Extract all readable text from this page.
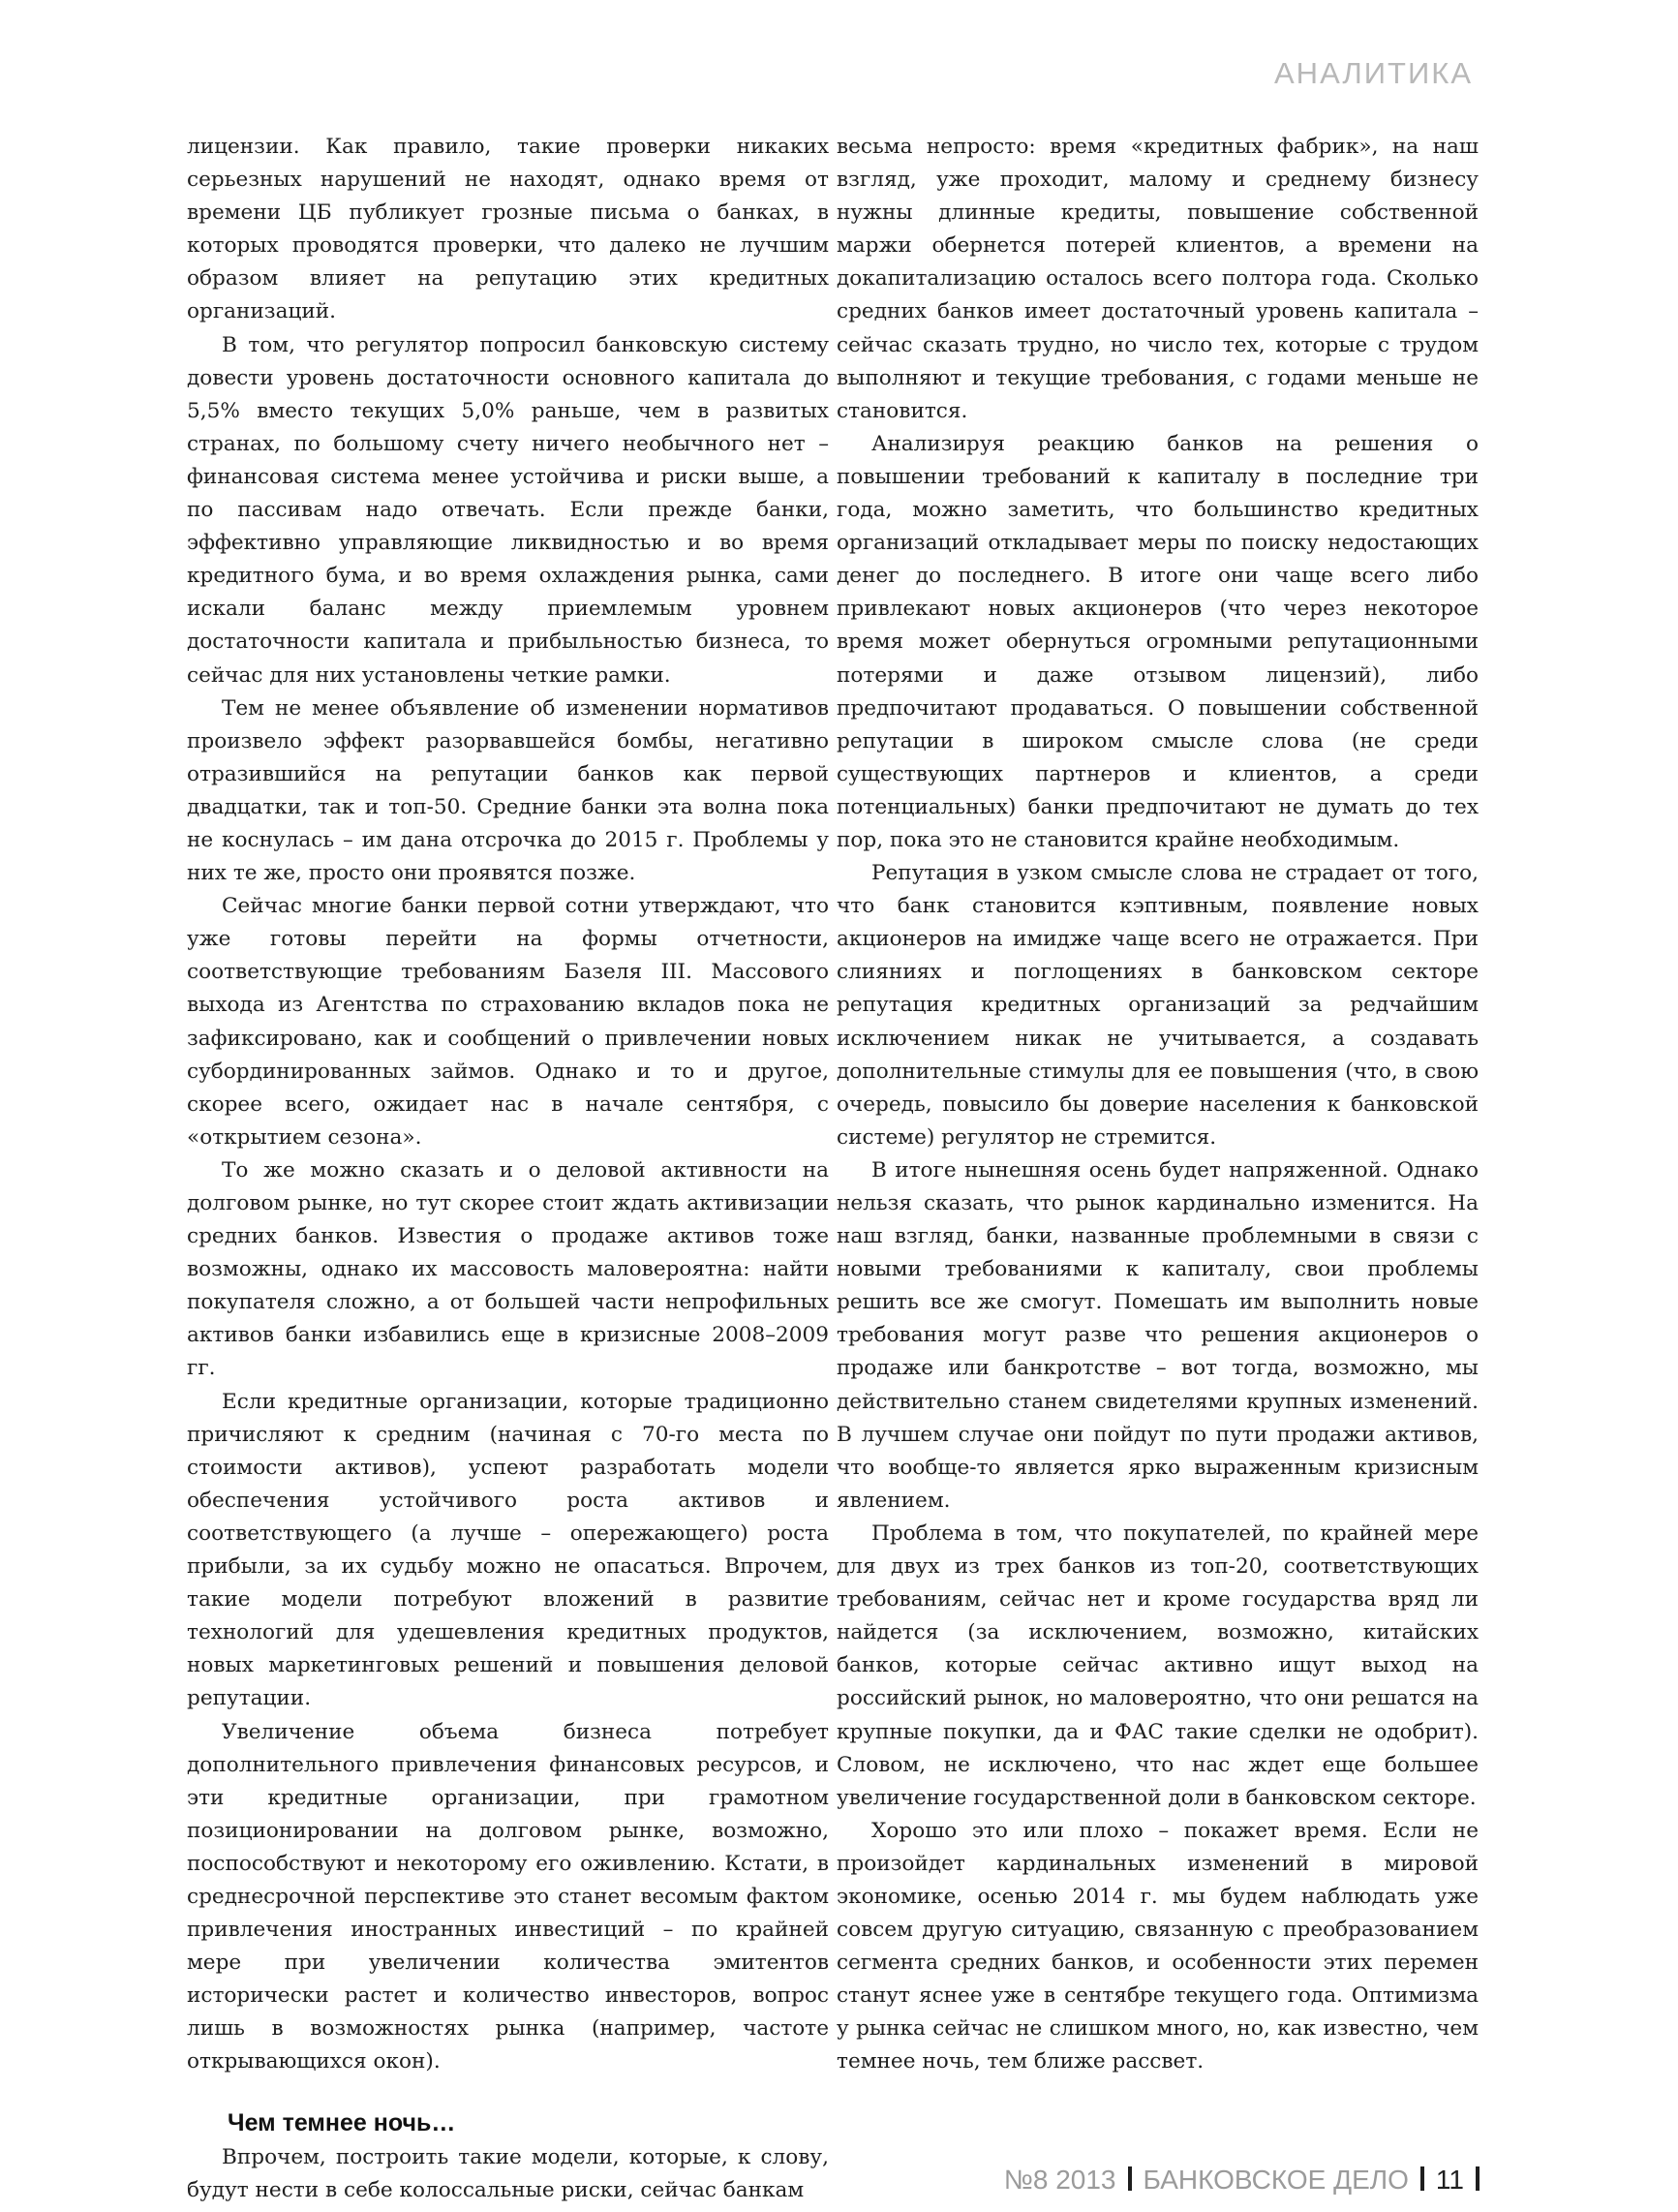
АНАЛИТИКА

лицензии. Как правило, такие проверки никаких серьезных нарушений не находят, однако время от времени ЦБ публикует грозные письма о банках, в которых проводятся проверки, что далеко не лучшим образом влияет на репутацию этих кредитных организаций.

В том, что регулятор попросил банковскую систему довести уровень достаточности основного капитала до 5,5% вместо текущих 5,0% раньше, чем в развитых странах, по большому счету ничего необычного нет – финансовая система менее устойчива и риски выше, а по пассивам надо отвечать. Если прежде банки, эффективно управляющие ликвидностью и во время кредитного бума, и во время охлаждения рынка, сами искали баланс между приемлемым уровнем достаточности капитала и прибыльностью бизнеса, то сейчас для них установлены четкие рамки.

Тем не менее объявление об изменении нормативов произвело эффект разорвавшейся бомбы, негативно отразившийся на репутации банков как первой двадцатки, так и топ-50. Средние банки эта волна пока не коснулась – им дана отсрочка до 2015 г. Проблемы у них те же, просто они проявятся позже.

Сейчас многие банки первой сотни утверждают, что уже готовы перейти на формы отчетности, соответствующие требованиям Базеля III. Массового выхода из Агентства по страхованию вкладов пока не зафиксировано, как и сообщений о привлечении новых субординированных займов. Однако и то и другое, скорее всего, ожидает нас в начале сентября, с «открытием сезона».

То же можно сказать и о деловой активности на долговом рынке, но тут скорее стоит ждать активизации средних банков. Известия о продаже активов тоже возможны, однако их массовость маловероятна: найти покупателя сложно, а от большей части непрофильных активов банки избавились еще в кризисные 2008–2009 гг.

Если кредитные организации, которые традиционно причисляют к средним (начиная с 70-го места по стоимости активов), успеют разработать модели обеспечения устойчивого роста активов и соответствующего (а лучше – опережающего) роста прибыли, за их судьбу можно не опасаться. Впрочем, такие модели потребуют вложений в развитие технологий для удешевления кредитных продуктов, новых маркетинговых решений и повышения деловой репутации.

Увеличение объема бизнеса потребует дополнительного привлечения финансовых ресурсов, и эти кредитные организации, при грамотном позиционировании на долговом рынке, возможно, поспособствуют и некоторому его оживлению. Кстати, в среднесрочной перспективе это станет весомым фактом привлечения иностранных инвестиций – по крайней мере при увеличении количества эмитентов исторически растет и количество инвесторов, вопрос лишь в возможностях рынка (например, частоте открывающихся окон).

Чем темнее ночь…

Впрочем, построить такие модели, которые, к слову, будут нести в себе колоссальные риски, сейчас банкам

весьма непросто: время «кредитных фабрик», на наш взгляд, уже проходит, малому и среднему бизнесу нужны длинные кредиты, повышение собственной маржи обернется потерей клиентов, а времени на докапитализацию осталось всего полтора года. Сколько средних банков имеет достаточный уровень капитала – сейчас сказать трудно, но число тех, которые с трудом выполняют и текущие требования, с годами меньше не становится.

Анализируя реакцию банков на решения о повышении требований к капиталу в последние три года, можно заметить, что большинство кредитных организаций откладывает меры по поиску недостающих денег до последнего. В итоге они чаще всего либо привлекают новых акционеров (что через некоторое время может обернуться огромными репутационными потерями и даже отзывом лицензий), либо предпочитают продаваться. О повышении собственной репутации в широком смысле слова (не среди существующих партнеров и клиентов, а среди потенциальных) банки предпочитают не думать до тех пор, пока это не становится крайне необходимым.

Репутация в узком смысле слова не страдает от того, что банк становится кэптивным, появление новых акционеров на имидже чаще всего не отражается. При слияниях и поглощениях в банковском секторе репутация кредитных организаций за редчайшим исключением никак не учитывается, а создавать дополнительные стимулы для ее повышения (что, в свою очередь, повысило бы доверие населения к банковской системе) регулятор не стремится.

В итоге нынешняя осень будет напряженной. Однако нельзя сказать, что рынок кардинально изменится. На наш взгляд, банки, названные проблемными в связи с новыми требованиями к капиталу, свои проблемы решить все же смогут. Помешать им выполнить новые требования могут разве что решения акционеров о продаже или банкротстве – вот тогда, возможно, мы действительно станем свидетелями крупных изменений. В лучшем случае они пойдут по пути продажи активов, что вообще-то является ярко выраженным кризисным явлением.

Проблема в том, что покупателей, по крайней мере для двух из трех банков из топ-20, соответствующих требованиям, сейчас нет и кроме государства вряд ли найдется (за исключением, возможно, китайских банков, которые сейчас активно ищут выход на российский рынок, но маловероятно, что они решатся на крупные покупки, да и ФАС такие сделки не одобрит). Словом, не исключено, что нас ждет еще большее увеличение государственной доли в банковском секторе.

Хорошо это или плохо – покажет время. Если не произойдет кардинальных изменений в мировой экономике, осенью 2014 г. мы будем наблюдать уже совсем другую ситуацию, связанную с преобразованием сегмента средних банков, и особенности этих перемен станут яснее уже в сентябре текущего года. Оптимизма у рынка сейчас не слишком много, но, как известно, чем темнее ночь, тем ближе рассвет.

№8 2013 БАНКОВСКОЕ ДЕЛО 11
